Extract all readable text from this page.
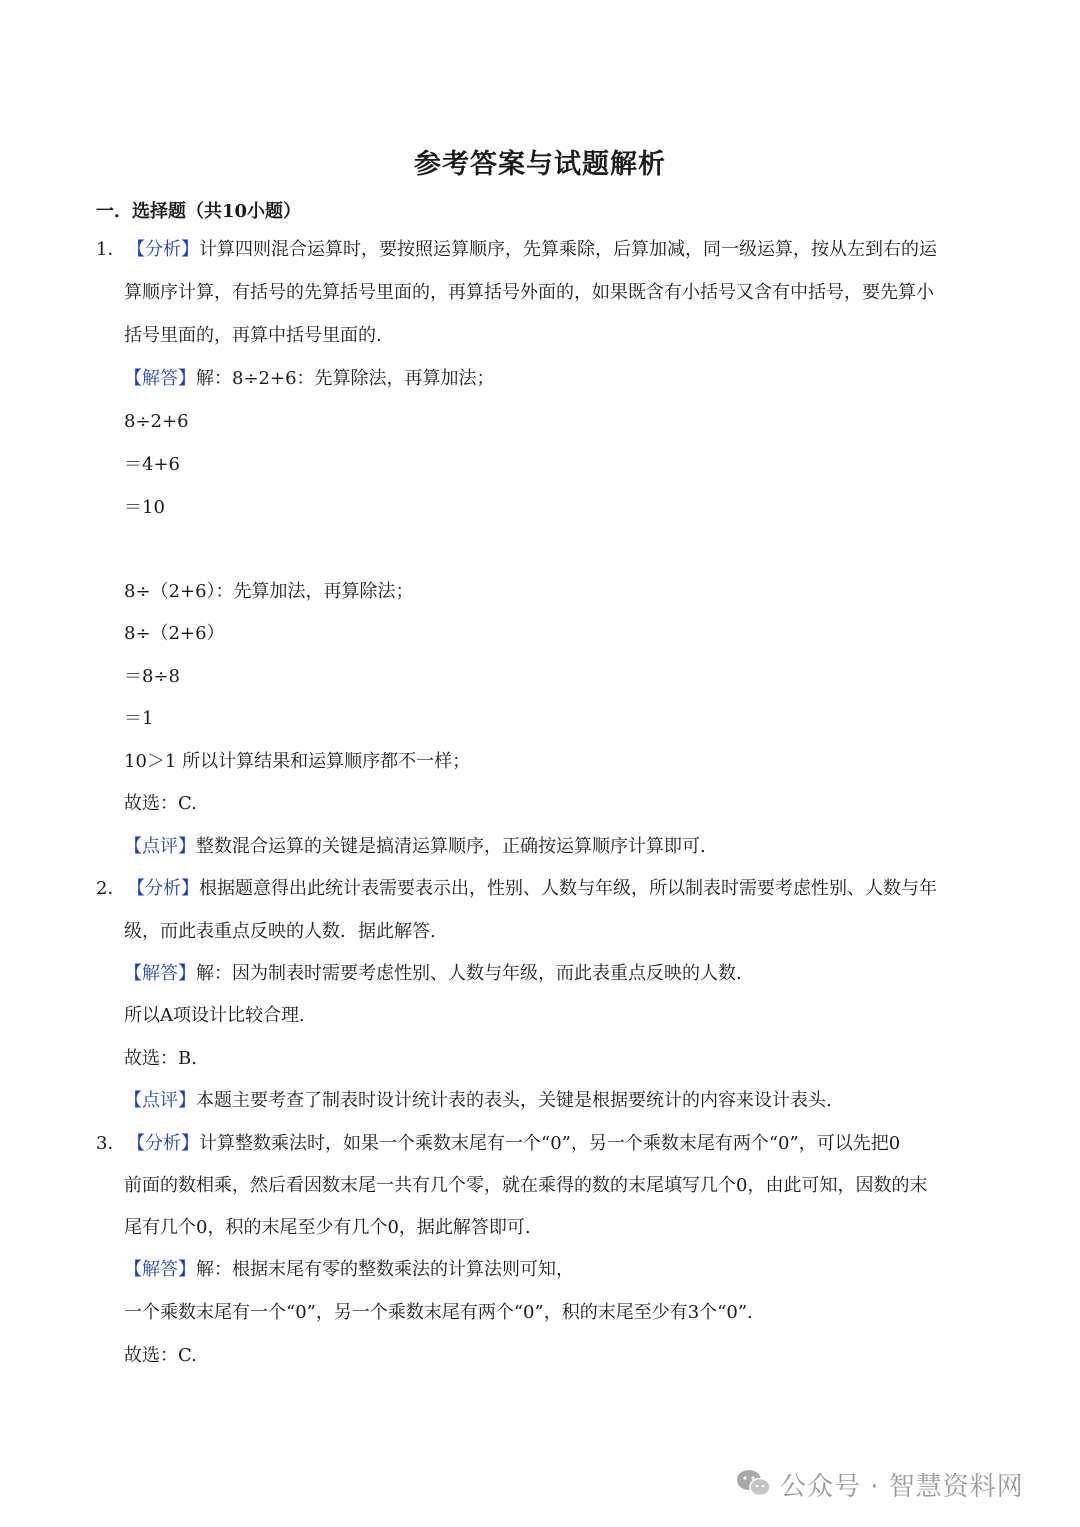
参考答案与试题解析
一．选择题（共10小题）
1． 【分析】计算四则混合运算时，要按照运算顺序，先算乘除，后算加减，同一级运算，按从左到右的运
算顺序计算，有括号的先算括号里面的，再算括号外面的，如果既含有小括号又含有中括号，要先算小
括号里面的，再算中括号里面的.
【解答】解：8÷2+6：先算除法，再算加法；
8÷2+6
＝4+6
＝10
8÷（2+6）：先算加法，再算除法；
8÷（2+6）
＝8÷8
＝1
10＞1 所以计算结果和运算顺序都不一样；
故选：C.
【点评】整数混合运算的关键是搞清运算顺序，正确按运算顺序计算即可.
2． 【分析】根据题意得出此统计表需要表示出，性别、人数与年级，所以制表时需要考虑性别、人数与年
级，而此表重点反映的人数．据此解答.
【解答】解：因为制表时需要考虑性别、人数与年级，而此表重点反映的人数.
所以A项设计比较合理.
故选：B.
【点评】本题主要考查了制表时设计统计表的表头，关键是根据要统计的内容来设计表头.
3． 【分析】计算整数乘法时，如果一个乘数末尾有一个“0”，另一个乘数末尾有两个“0”，可以先把0
前面的数相乘，然后看因数末尾一共有几个零，就在乘得的数的末尾填写几个0，由此可知，因数的末
尾有几个0，积的末尾至少有几个0，据此解答即可.
【解答】解：根据末尾有零的整数乘法的计算法则可知，
一个乘数末尾有一个“0”，另一个乘数末尾有两个“0”，积的末尾至少有3个“0”.
故选：C.
公众号 · 智慧资料网
